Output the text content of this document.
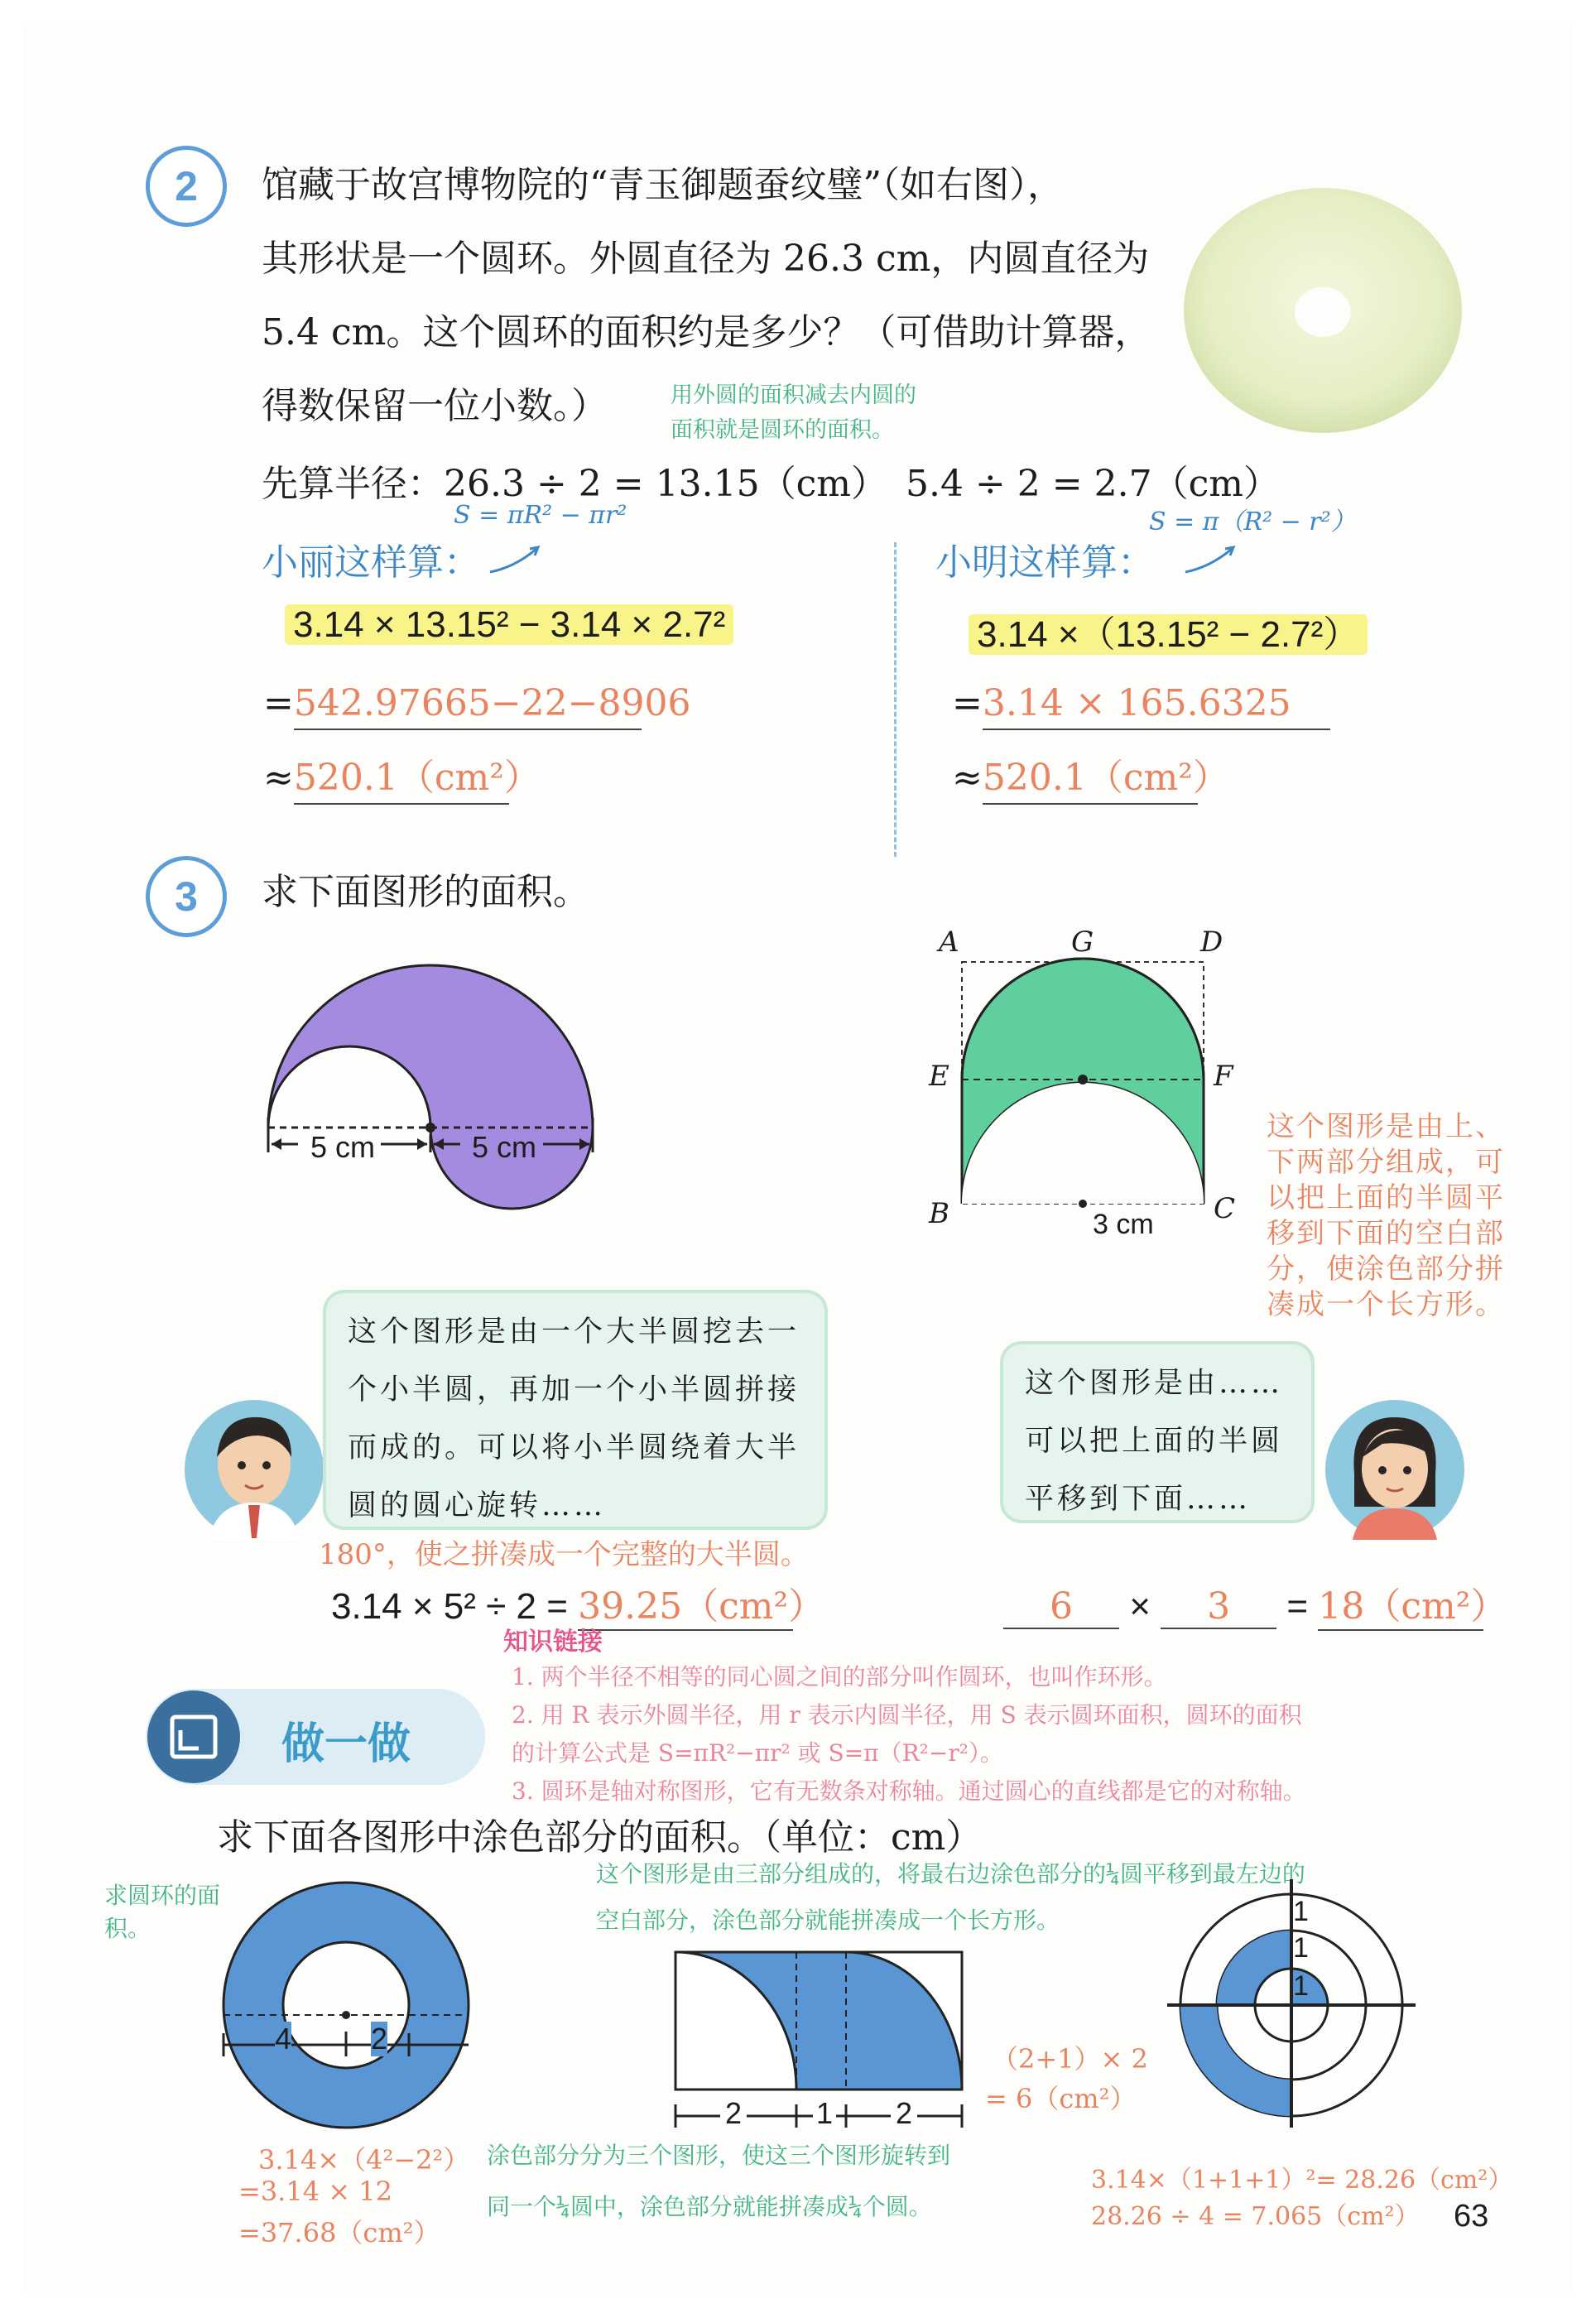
2	馆藏于故宫博物院的“青玉御题蚕纹璧”（如右图），
其形状是一个圆环。外圆直径为 26.3 cm，内圆直径为
5.4 cm。这个圆环的面积约是多少？（可借助计算器，
得数保留一位小数。）	用外圆的面积减去内圆的
面积就是圆环的面积。
先算半径：26.3 ÷ 2 = 13.15（cm）　5.4 ÷ 2 = 2.7（cm）
S = πR² − πr²
小丽这样算：
3.14 × 13.15² − 3.14 × 2.7²
=542.97665−22−8906
≈520.1（cm²）
S = π（R² − r²）
小明这样算：
3.14 ×（13.15² − 2.7²）
=3.14 × 165.6325
≈520.1（cm²）
3	求下面图形的面积。
5 cm	5 cm
A	G	D
E	F
B	C
3 cm
这个图形是由上、下两部分组成，可以把上面的半圆平移到下面的空白部分，使涂色部分拼凑成一个长方形。
这个图形是由一个大半圆挖去一个小半圆，再加一个小半圆拼接而成的。可以将小半圆绕着大半圆的圆心旋转……
180°，使之拼凑成一个完整的大半圆。
3.14 × 5² ÷ 2 = 39.25（cm²）
这个图形是由……可以把上面的半圆平移到下面……
6 × 3 = 18（cm²）
知识链接
1. 两个半径不相等的同心圆之间的部分叫作圆环，也叫作环形。
2. 用 R 表示外圆半径，用 r 表示内圆半径，用 S 表示圆环面积，圆环的面积
的计算公式是 S=πR²−πr² 或 S=π（R²−r²）。
3. 圆环是轴对称图形，它有无数条对称轴。通过圆心的直线都是它的对称轴。
做一做
求下面各图形中涂色部分的面积。（单位：cm）
求圆环的面积。
这个图形是由三部分组成的，将最右边涂色部分的¼圆平移到最左边的
空白部分，涂色部分就能拼凑成一个长方形。
4	2
2 1 2
（2+1）× 2
= 6（cm²）
1
1
1
3.14×（4²−2²）
=3.14 × 12
=37.68（cm²）
涂色部分分为三个图形，使这三个图形旋转到
同一个¼圆中，涂色部分就能拼凑成¼个圆。
3.14×（1+1+1）²= 28.26（cm²）
28.26 ÷ 4 = 7.065（cm²） 63
